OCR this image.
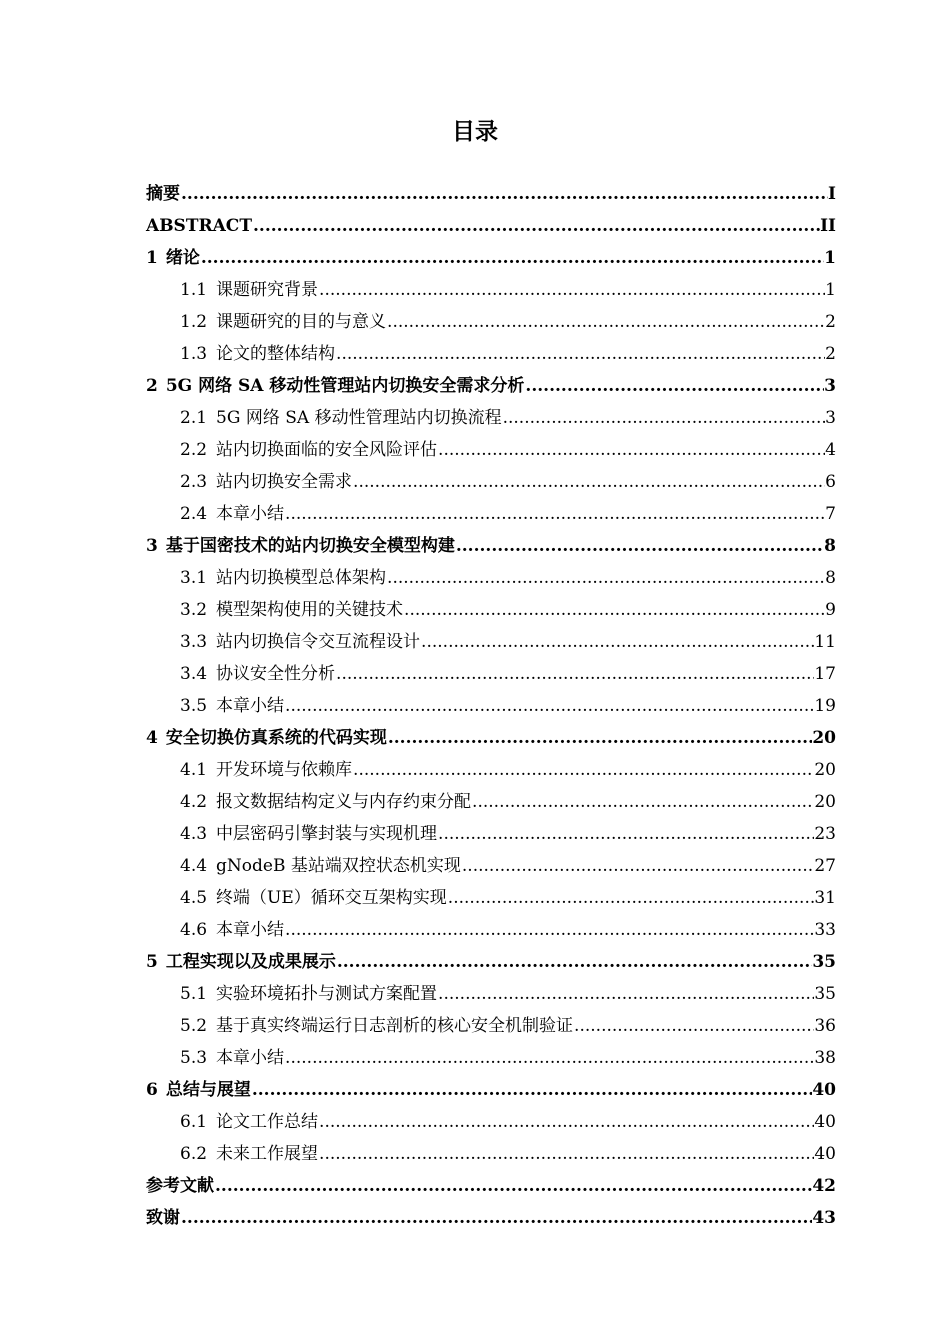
目录
摘要 .....	I
ABSTRACT .....	II
1 绪论 .....	1
1.1 课题研究背景 .....	1
1.2 课题研究的目的与意义 .....	2
1.3 论文的整体结构 .....	2
2 5G 网络 SA 移动性管理站内切换安全需求分析 .....	3
2.1 5G 网络 SA 移动性管理站内切换流程 .....	3
2.2 站内切换面临的安全风险评估 .....	4
2.3 站内切换安全需求 .....	6
2.4 本章小结 .....	7
3 基于国密技术的站内切换安全模型构建 .....	8
3.1 站内切换模型总体架构 .....	8
3.2 模型架构使用的关键技术 .....	9
3.3 站内切换信令交互流程设计 .....	11
3.4 协议安全性分析 .....	17
3.5 本章小结 .....	19
4 安全切换仿真系统的代码实现 .....	20
4.1 开发环境与依赖库 .....	20
4.2 报文数据结构定义与内存约束分配 .....	20
4.3 中层密码引擎封装与实现机理 .....	23
4.4 gNodeB 基站端双控状态机实现 .....	27
4.5 终端（UE）循环交互架构实现 .....	31
4.6 本章小结 .....	33
5 工程实现以及成果展示 .....	35
5.1 实验环境拓扑与测试方案配置 .....	35
5.2 基于真实终端运行日志剖析的核心安全机制验证 .....	36
5.3 本章小结 .....	38
6 总结与展望 .....	40
6.1 论文工作总结 .....	40
6.2 未来工作展望 .....	40
参考文献 .....	42
致谢 .....	43
